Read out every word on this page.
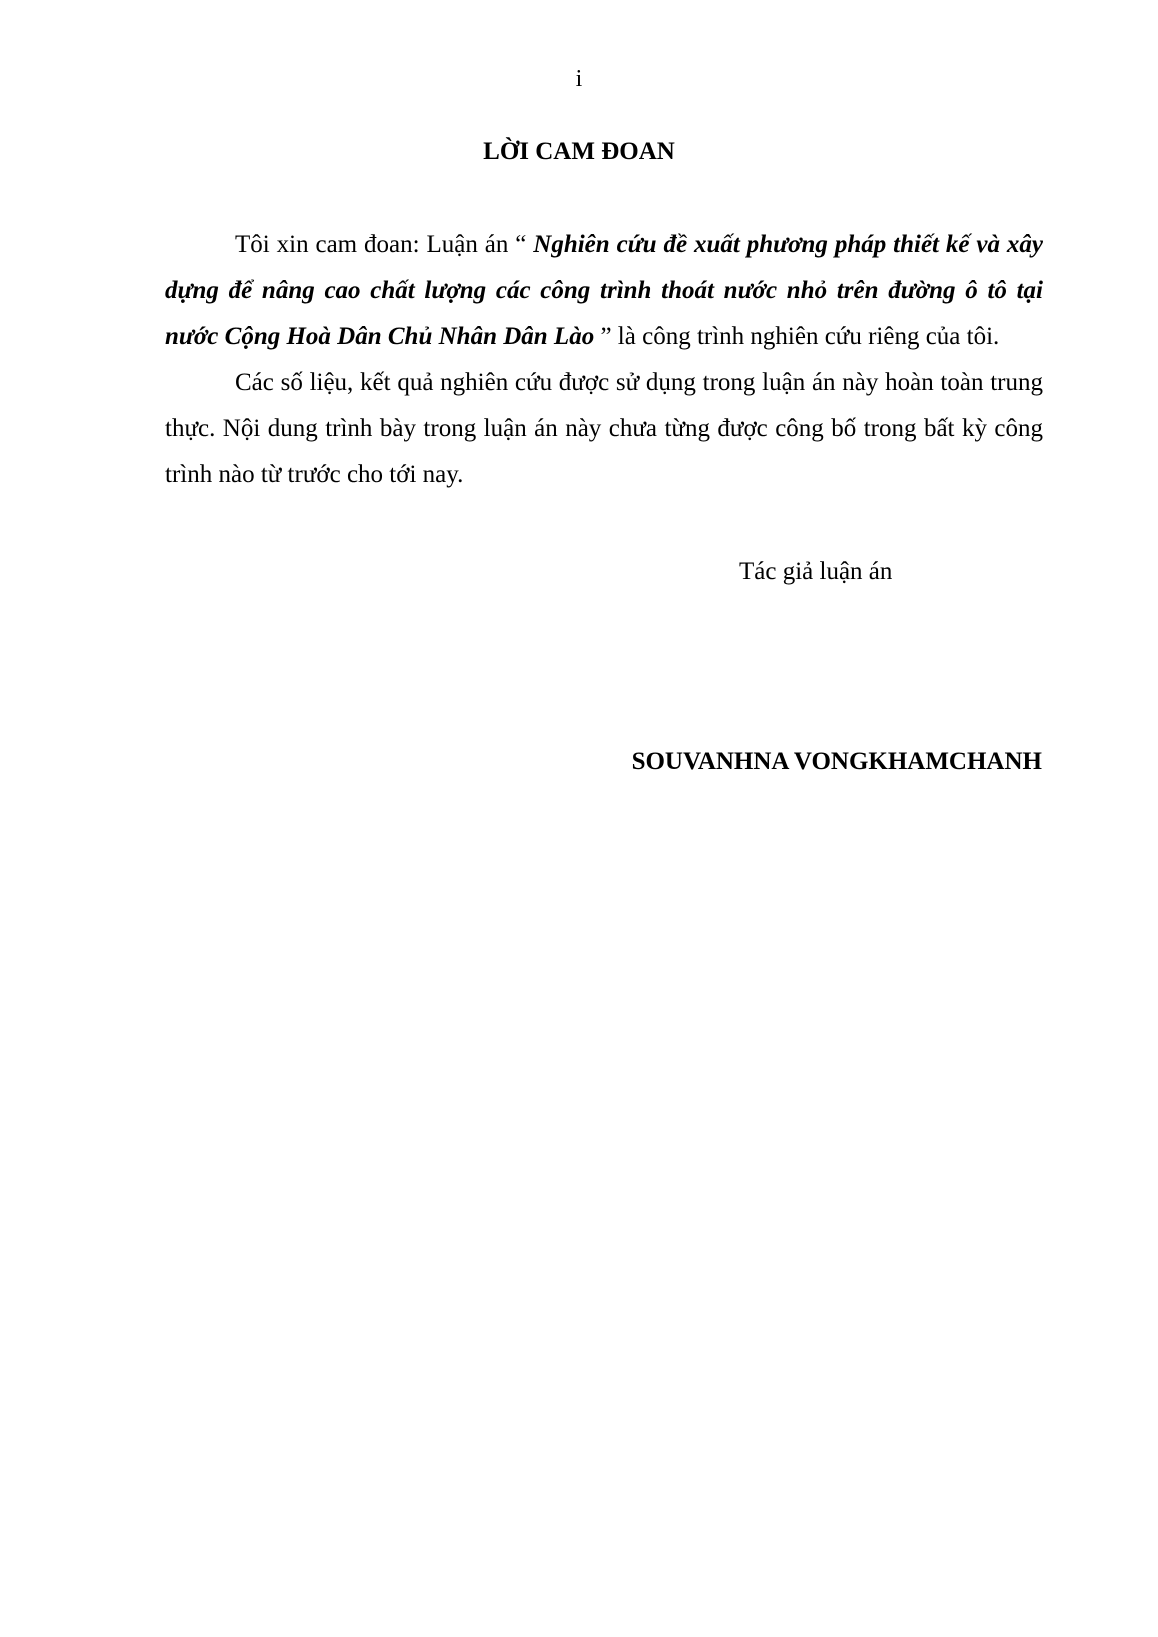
i
LỜI CAM ĐOAN

Tôi xin cam đoan: Luận án “ Nghiên cứu đề xuất phương pháp thiết kế và xây dựng để nâng cao chất lượng các công trình thoát nước nhỏ trên đường ô tô tại nước Cộng Hoà Dân Chủ Nhân Dân Lào ” là công trình nghiên cứu riêng của tôi.

Các số liệu, kết quả nghiên cứu được sử dụng trong luận án này hoàn toàn trung thực. Nội dung trình bày trong luận án này chưa từng được công bố trong bất kỳ công trình nào từ trước cho tới nay.

Tác giả luận án
SOUVANHNA VONGKHAMCHANH
